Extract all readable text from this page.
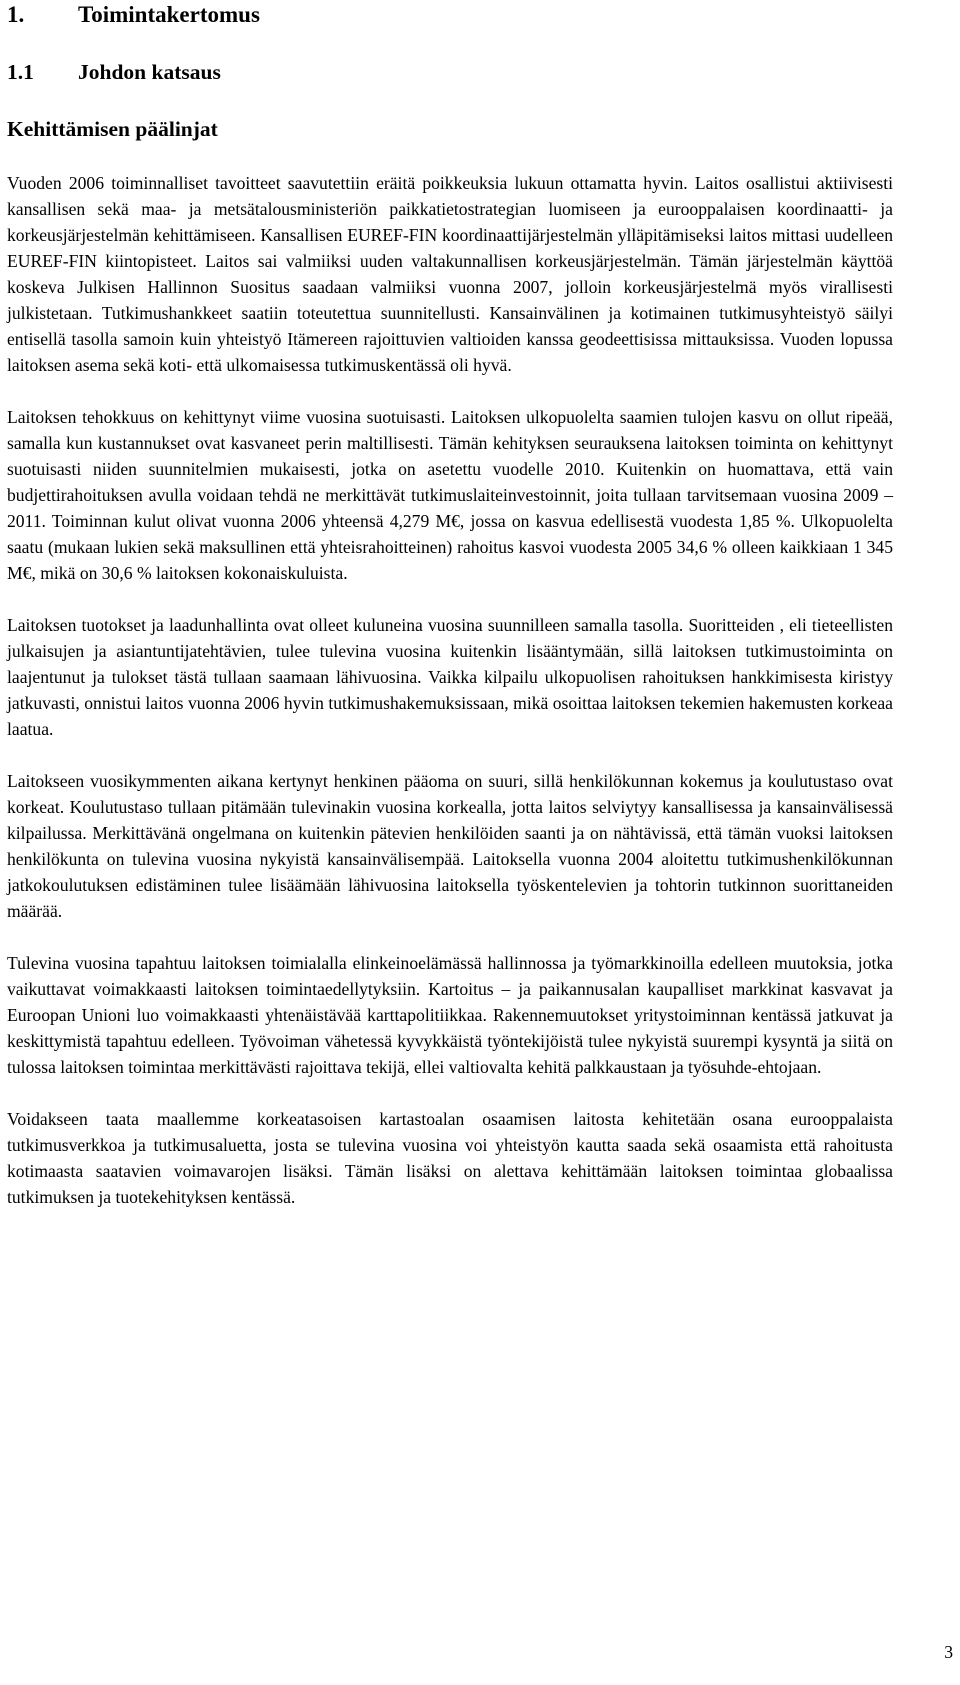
1. Toimintakertomus
1.1 Johdon katsaus
Kehittämisen päälinjat

Vuoden 2006 toiminnalliset tavoitteet saavutettiin eräitä poikkeuksia lukuun ottamatta hyvin. Laitos osallistui aktiivisesti kansallisen sekä maa- ja metsätalousministeriön paikkatietostrategian luomiseen ja eurooppalaisen koordinaatti- ja korkeusjärjestelmän kehittämiseen. Kansallisen EUREF-FIN koordinaattijärjestelmän ylläpitämiseksi laitos mittasi uudelleen EUREF-FIN kiintopisteet. Laitos sai valmiiksi uuden valtakunnallisen korkeusjärjestelmän. Tämän järjestelmän käyttöä koskeva Julkisen Hallinnon Suositus saadaan valmiiksi vuonna 2007, jolloin korkeusjärjestelmä myös virallisesti julkistetaan. Tutkimushankkeet saatiin toteutettua suunnitellusti. Kansainvälinen ja kotimainen tutkimusyhteistyö säilyi entisellä tasolla samoin kuin yhteistyö Itämereen rajoittuvien valtioiden kanssa geodeettisissa mittauksissa. Vuoden lopussa laitoksen asema sekä koti- että ulkomaisessa tutkimuskentässä oli hyvä.

Laitoksen tehokkuus on kehittynyt viime vuosina suotuisasti. Laitoksen ulkopuolelta saamien tulojen kasvu on ollut ripeää, samalla kun kustannukset ovat kasvaneet perin maltillisesti. Tämän kehityksen seurauksena laitoksen toiminta on kehittynyt suotuisasti niiden suunnitelmien mukaisesti, jotka on asetettu vuodelle 2010. Kuitenkin on huomattava, että vain budjettirahoituksen avulla voidaan tehdä ne merkittävät tutkimuslaiteinvestoinnit, joita tullaan tarvitsemaan vuosina 2009 – 2011. Toiminnan kulut olivat vuonna 2006 yhteensä 4,279 M€, jossa on kasvua edellisestä vuodesta 1,85 %. Ulkopuolelta saatu (mukaan lukien sekä maksullinen että yhteisrahoitteinen) rahoitus kasvoi vuodesta 2005 34,6 % olleen kaikkiaan 1 345 M€, mikä on 30,6 % laitoksen kokonaiskuluista.

Laitoksen tuotokset ja laadunhallinta ovat olleet kuluneina vuosina suunnilleen samalla tasolla. Suoritteiden , eli tieteellisten julkaisujen ja asiantuntijatehtävien, tulee tulevina vuosina kuitenkin lisääntymään, sillä laitoksen tutkimustoiminta on laajentunut ja tulokset tästä tullaan saamaan lähivuosina. Vaikka kilpailu ulkopuolisen rahoituksen hankkimisesta kiristyy jatkuvasti, onnistui laitos vuonna 2006 hyvin tutkimushakemuksissaan, mikä osoittaa laitoksen tekemien hakemusten korkeaa laatua.

Laitokseen vuosikymmenten aikana kertynyt henkinen pääoma on suuri, sillä henkilökunnan kokemus ja koulutustaso ovat korkeat. Koulutustaso tullaan pitämään tulevinakin vuosina korkealla, jotta laitos selviytyy kansallisessa ja kansainvälisessä kilpailussa. Merkittävänä ongelmana on kuitenkin pätevien henkilöiden saanti ja on nähtävissä, että tämän vuoksi laitoksen henkilökunta on tulevina vuosina nykyistä kansainvälisempää. Laitoksella vuonna 2004 aloitettu tutkimushenkilökunnan jatkokoulutuksen edistäminen tulee lisäämään lähivuosina laitoksella työskentelevien ja tohtorin tutkinnon suorittaneiden määrää.

Tulevina vuosina tapahtuu laitoksen toimialalla elinkeinoelämässä hallinnossa ja työmarkkinoilla edelleen muutoksia, jotka vaikuttavat voimakkaasti laitoksen toimintaedellytyksiin. Kartoitus – ja paikannusalan kaupalliset markkinat kasvavat ja Euroopan Unioni luo voimakkaasti yhtenäistävää karttapolitiikkaa. Rakennemuutokset yritystoiminnan kentässä jatkuvat ja keskittymistä tapahtuu edelleen. Työvoiman vähetessä kyvykkäistä työntekijöistä tulee nykyistä suurempi kysyntä ja siitä on tulossa laitoksen toimintaa merkittävästi rajoittava tekijä, ellei valtiovalta kehitä palkkaustaan ja työsuhde-ehtojaan.

Voidakseen taata maallemme korkeatasoisen kartastoalan osaamisen laitosta kehitetään osana eurooppalaista tutkimusverkkoa ja tutkimusaluetta, josta se tulevina vuosina voi yhteistyön kautta saada sekä osaamista että rahoitusta kotimaasta saatavien voimavarojen lisäksi. Tämän lisäksi on alettava kehittämään laitoksen toimintaa globaalissa tutkimuksen ja tuotekehityksen kentässä.

3
